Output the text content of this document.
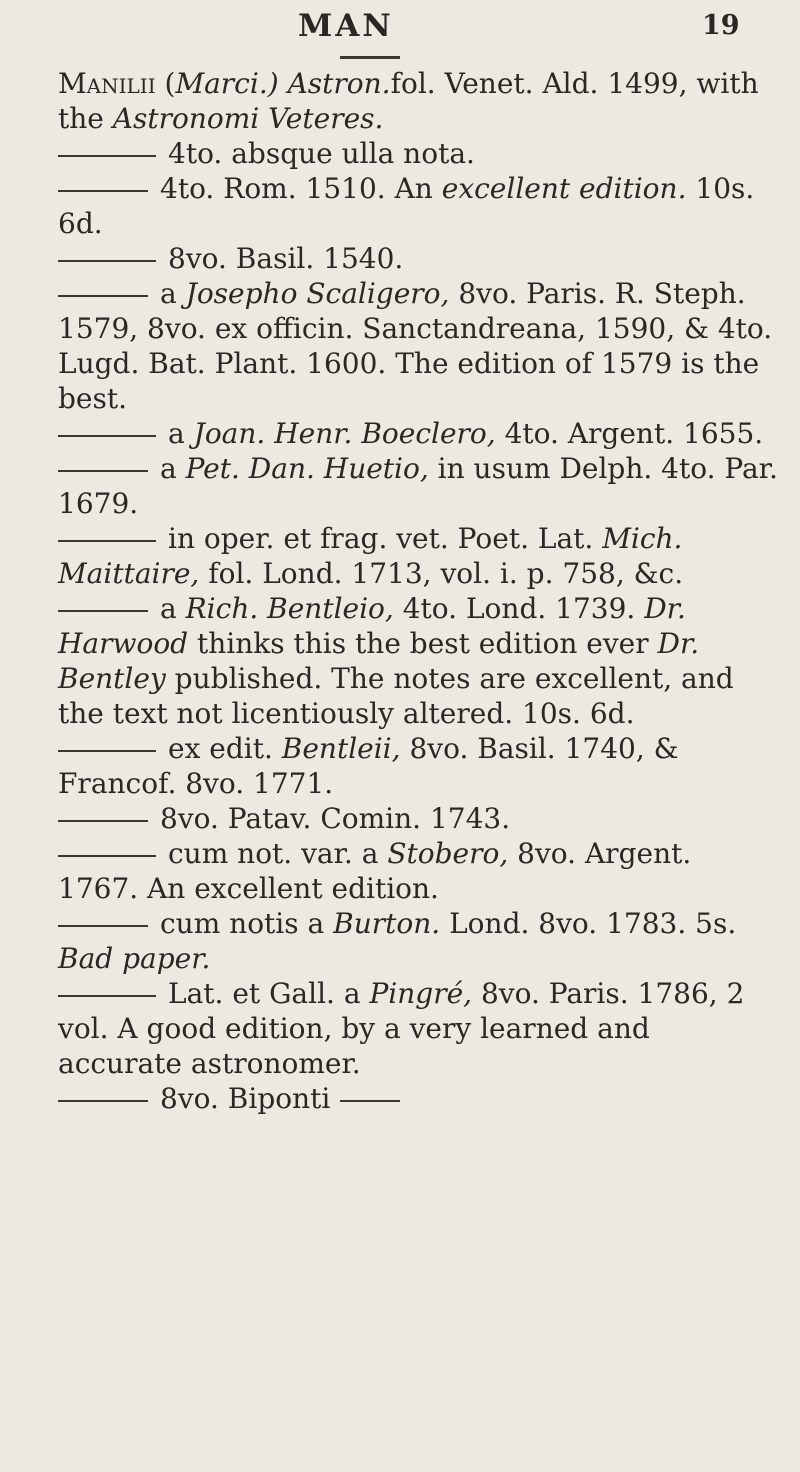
MAN	19

Manilii (Marci.) Astron.fol. Venet. Ald. 1499, with the Astronomi Veteres.

4to. absque ulla nota.

4to. Rom. 1510. An excellent edition. 10s. 6d.

8vo. Basil. 1540.

a Josepho Scaligero, 8vo. Paris. R. Steph. 1579, 8vo. ex officin. Sanctandreana, 1590, & 4to. Lugd. Bat. Plant. 1600. The edition of 1579 is the best.

a Joan. Henr. Boeclero, 4to. Argent. 1655.

a Pet. Dan. Huetio, in usum Delph. 4to. Par. 1679.

in oper. et frag. vet. Poet. Lat. Mich. Maittaire, fol. Lond. 1713, vol. i. p. 758, &c.

a Rich. Bentleio, 4to. Lond. 1739. Dr. Harwood thinks this the best edition ever Dr. Bentley published. The notes are excellent, and the text not licentiously altered. 10s. 6d.

ex edit. Bentleii, 8vo. Basil. 1740, & Francof. 8vo. 1771.

8vo. Patav. Comin. 1743.

cum not. var. a Stobero, 8vo. Argent. 1767. An excellent edition.

cum notis a Burton. Lond. 8vo. 1783. 5s. Bad paper.

Lat. et Gall. a Pingré, 8vo. Paris. 1786, 2 vol. A good edition, by a very learned and accurate astronomer.

8vo. Biponti
